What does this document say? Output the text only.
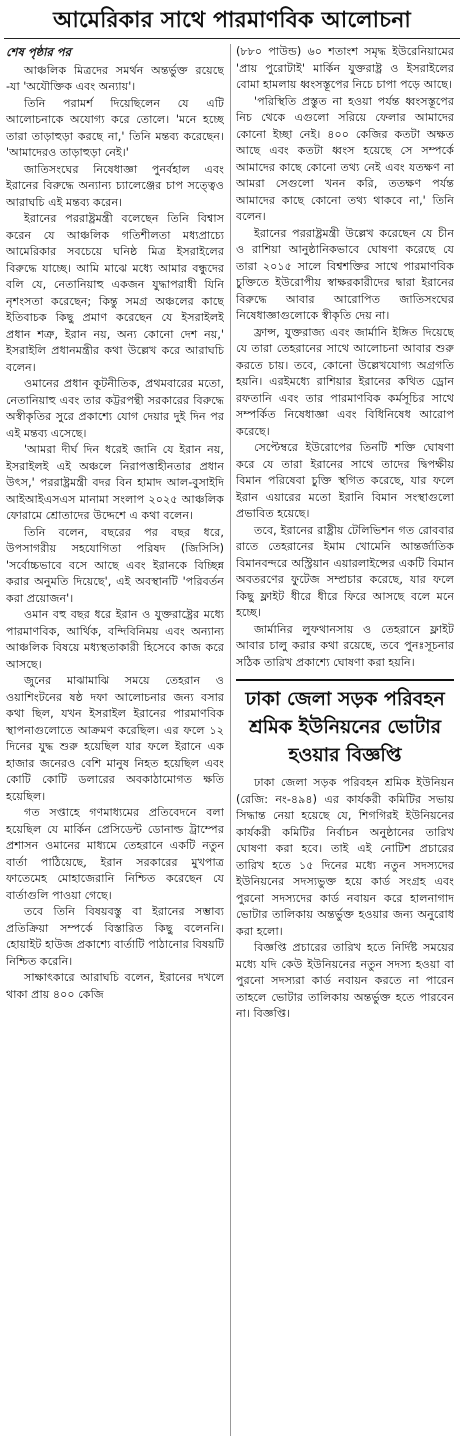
আমেরিকার সাথে পারমাণবিক আলোচনা
শেষ পৃষ্ঠার পর

আঞ্চলিক মিত্রদের সমর্থন অন্তর্ভুক্ত রয়েছে -যা 'অযৌক্তিক এবং অন্যায়'।

তিনি পরামর্শ দিয়েছিলেন যে এটি আলোচনাকে অযোগ্য করে তোলে। 'মনে হচ্ছে তারা তাড়াহুড়া করছে না,' তিনি মন্তব্য করেছেন। 'আমাদেরও তাড়াহুড়া নেই।'

জাতিসংঘের নিষেধাজ্ঞা পুনর্বহাল এবং ইরানের বিরুদ্ধে অন্যান্য চ্যালেঞ্জের চাপ সত্ত্বেও আরাঘচি এই মন্তব্য করেন।

ইরানের পররাষ্ট্রমন্ত্রী বলেছেন তিনি বিশ্বাস করেন যে আঞ্চলিক গতিশীলতা মধ্যপ্রাচ্যে আমেরিকার সবচেয়ে ঘনিষ্ঠ মিত্র ইসরাইলের বিরুদ্ধে যাচ্ছে। আমি মাঝে মধ্যে আমার বন্ধুদের বলি যে, নেতানিয়াহু একজন যুদ্ধাপরাধী যিনি নৃশংসতা করেছেন; কিন্তু সমগ্র অঞ্চলের কাছে ইতিবাচক কিছু প্রমাণ করেছেন যে ইসরাইলই প্রধান শত্রু, ইরান নয়, অন্য কোনো দেশ নয়,' ইসরাইলি প্রধানমন্ত্রীর কথা উল্লেখ করে আরাঘচি বলেন।

ওমানের প্রধান কূটনীতিক, প্রথমবারের মতো, নেতানিয়াহু এবং তার কট্টরপন্থী সরকারের বিরুদ্ধে অস্বীকৃতির সুরে প্রকাশ্যে যোগ দেয়ার দুই দিন পর এই মন্তব্য এসেছে।

'আমরা দীর্ঘ দিন ধরেই জানি যে ইরান নয়, ইসরাইলই এই অঞ্চলে নিরাপত্তাহীনতার প্রধান উৎস,' পররাষ্ট্রমন্ত্রী বদর বিন হামাদ আল-বুসাইদি আইআইএসএস মানামা সংলাপ ২০২৫ আঞ্চলিক ফোরামে শ্রোতাদের উদ্দেশে এ কথা বলেন।

তিনি বলেন, বছরের পর বছর ধরে, উপসাগরীয় সহযোগিতা পরিষদ (জিসিসি) 'সর্বোচ্চভাবে বসে আছে এবং ইরানকে বিচ্ছিন্ন করার অনুমতি দিয়েছে', এই অবস্থানটি 'পরিবর্তন করা প্রয়োজন'।

ওমান বহু বছর ধরে ইরান ও যুক্তরাষ্ট্রের মধ্যে পারমাণবিক, আর্থিক, বন্দিবিনিময় এবং অন্যান্য আঞ্চলিক বিষয়ে মধ্যস্থতাকারী হিসেবে কাজ করে আসছে।

জুনের মাঝামাঝি সময়ে তেহরান ও ওয়াশিংটনের ষষ্ঠ দফা আলোচনার জন্য বসার কথা ছিল, যখন ইসরাইল ইরানের পারমাণবিক স্থাপনাগুলোতে আক্রমণ করেছিল। এর ফলে ১২ দিনের যুদ্ধ শুরু হয়েছিল যার ফলে ইরানে এক হাজার জনেরও বেশি মানুষ নিহত হয়েছিল এবং কোটি কোটি ডলারের অবকাঠামোগত ক্ষতি হয়েছিল।

গত সপ্তাহে গণমাধ্যমের প্রতিবেদনে বলা হয়েছিল যে মার্কিন প্রেসিডেন্ট ডোনাল্ড ট্রাম্পের প্রশাসন ওমানের মাধ্যমে তেহরানে একটি নতুন বার্তা পাঠিয়েছে, ইরান সরকারের মুখপাত্র ফাতেমেহ মোহাজেরানি নিশ্চিত করেছেন যে বার্তাগুলি পাওয়া গেছে।

তবে তিনি বিষয়বস্তু বা ইরানের সম্ভাব্য প্রতিক্রিয়া সম্পর্কে বিস্তারিত কিছু বলেননি। হোয়াইট হাউজ প্রকাশ্যে বার্তাটি পাঠানোর বিষয়টি নিশ্চিত করেনি।

সাক্ষাৎকারে আরাঘচি বলেন, ইরানের দখলে থাকা প্রায় ৪০০ কেজি

(৮৮০ পাউন্ড) ৬০ শতাংশ সমৃদ্ধ ইউরেনিয়ামের 'প্রায় পুরোটাই' মার্কিন যুক্তরাষ্ট্র ও ইসরাইলের বোমা হামলায় ধ্বংসস্তূপের নিচে চাপা পড়ে আছে।

'পরিস্থিতি প্রস্তুত না হওয়া পর্যন্ত ধ্বংসস্তূপের নিচ থেকে এগুলো সরিয়ে ফেলার আমাদের কোনো ইচ্ছা নেই। ৪০০ কেজির কতটা অক্ষত আছে এবং কতটা ধ্বংস হয়েছে সে সম্পর্কে আমাদের কাছে কোনো তথ্য নেই এবং যতক্ষণ না আমরা সেগুলো খনন করি, ততক্ষণ পর্যন্ত আমাদের কাছে কোনো তথ্য থাকবে না,' তিনি বলেন।

ইরানের পররাষ্ট্রমন্ত্রী উল্লেখ করেছেন যে চীন ও রাশিয়া আনুষ্ঠানিকভাবে ঘোষণা করেছে যে তারা ২০১৫ সালে বিশ্বশক্তির সাথে পারমাণবিক চুক্তিতে ইউরোপীয় স্বাক্ষরকারীদের দ্বারা ইরানের বিরুদ্ধে আবার আরোপিত জাতিসংঘের নিষেধাজ্ঞাগুলোকে স্বীকৃতি দেয় না।

ফ্রান্স, যুক্তরাজ্য এবং জার্মানি ইঙ্গিত দিয়েছে যে তারা তেহরানের সাথে আলোচনা আবার শুরু করতে চায়। তবে, কোনো উল্লেখযোগ্য অগ্রগতি হয়নি। এরইমধ্যে রাশিয়ার ইরানের কথিত ড্রোন রফতানি এবং তার পারমাণবিক কর্মসূচির সাথে সম্পর্কিত নিষেধাজ্ঞা এবং বিধিনিষেধ আরোপ করেছে।

সেপ্টেম্বরে ইউরোপের তিনটি শক্তি ঘোষণা করে যে তারা ইরানের সাথে তাদের দ্বিপক্ষীয় বিমান পরিষেবা চুক্তি স্থগিত করেছে, যার ফলে ইরান এয়ারের মতো ইরানি বিমান সংস্থাগুলো প্রভাবিত হয়েছে।

তবে, ইরানের রাষ্ট্রীয় টেলিভিশন গত রোববার রাতে তেহরানের ইমাম খোমেনি আন্তর্জাতিক বিমানবন্দরে অস্ট্রিয়ান এয়ারলাইন্সের একটি বিমান অবতরণের ফুটেজ সম্প্রচার করেছে, যার ফলে কিছু ফ্লাইট ধীরে ধীরে ফিরে আসছে বলে মনে হচ্ছে।

জার্মানির লুফথানসায় ও তেহরানে ফ্লাইট আবার চালু করার কথা রয়েছে, তবে পুনঃসূচনার সঠিক তারিখ প্রকাশ্যে ঘোষণা করা হয়নি।

ঢাকা জেলা সড়ক পরিবহন
শ্রমিক ইউনিয়নের ভোটার
হওয়ার বিজ্ঞপ্তি

ঢাকা জেলা সড়ক পরিবহন শ্রমিক ইউনিয়ন (রেজি: নং-৪৯৪) এর কার্যকরী কমিটির সভায় সিদ্ধান্ত নেয়া হয়েছে যে, শিগগিরই ইউনিয়নের কার্যকরী কমিটির নির্বাচন অনুষ্ঠানের তারিখ ঘোষণা করা হবে। তাই এই নোটিশ প্রচারের তারিখ হতে ১৫ দিনের মধ্যে নতুন সদস্যদের ইউনিয়নের সদস্যভুক্ত হয়ে কার্ড সংগ্রহ এবং পুরনো সদস্যদের কার্ড নবায়ন করে হালনাগাদ ভোটার তালিকায় অন্তর্ভুক্ত হওয়ার জন্য অনুরোধ করা হলো।

বিজ্ঞপ্তি প্রচারের তারিখ হতে নির্দিষ্ট সময়ের মধ্যে যদি কেউ ইউনিয়নের নতুন সদস্য হওয়া বা পুরনো সদস্যরা কার্ড নবায়ন করতে না পারেন তাহলে ভোটার তালিকায় অন্তর্ভুক্ত হতে পারবেন না। বিজ্ঞপ্তি।
